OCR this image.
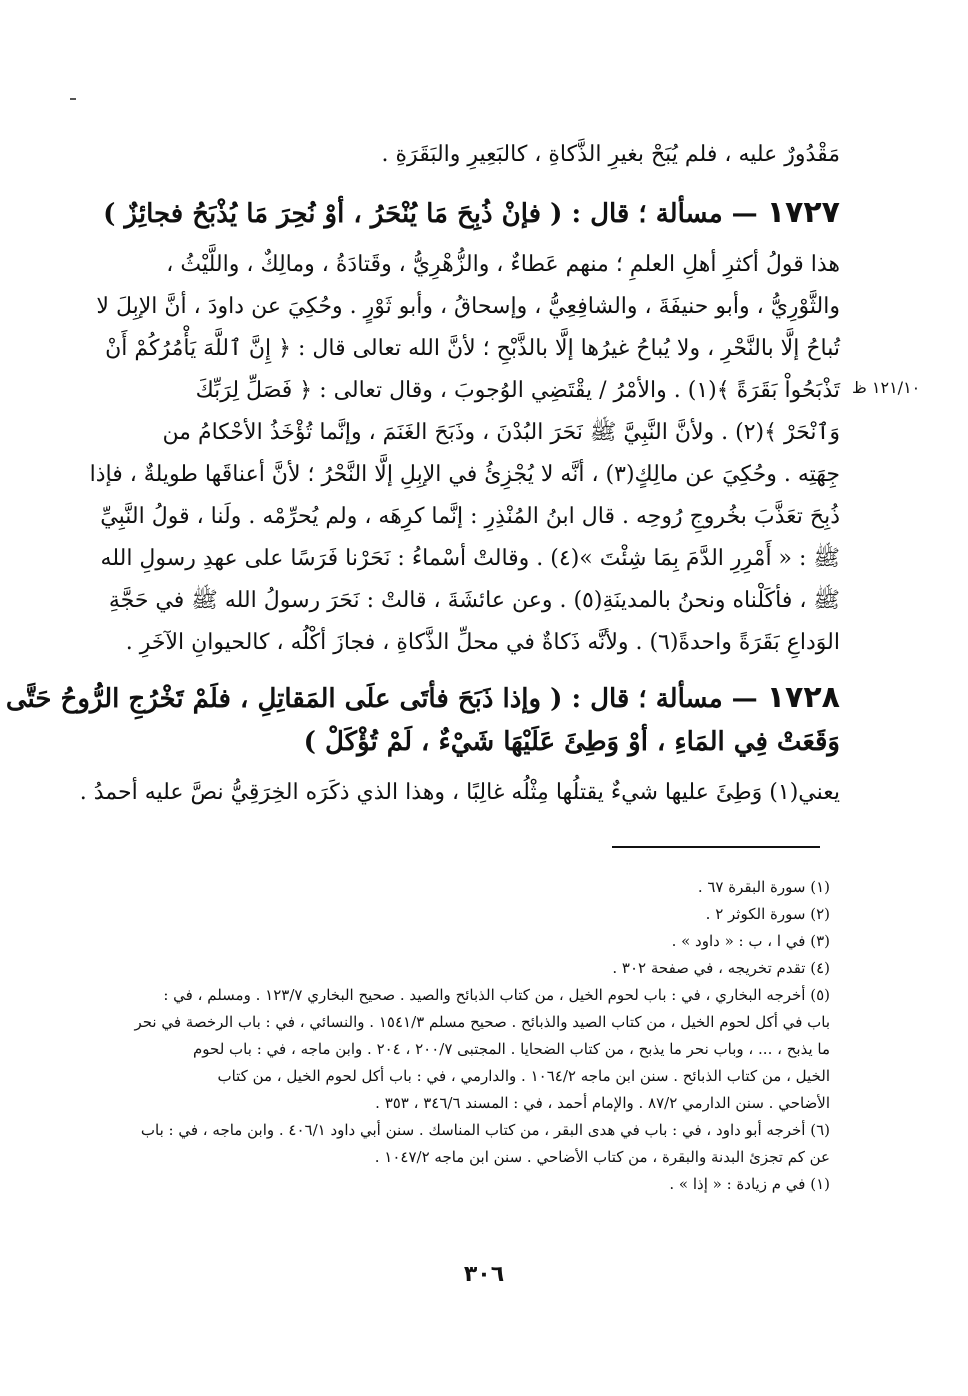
مَقْدُورٌ عليه ، فلم يُبَحْ بغيرِ الذَّكاةِ ، كالبَعِيرِ والبَقَرَةِ .
١٧٢٧ — مسألة ؛ قال : ( فإنْ ذُبِحَ مَا يُنْحَرُ ، أوْ نُحِرَ مَا يُذْبَحُ فجائِزٌ )
هذا قولُ أكثرِ أهلِ العلمِ ؛ منهم عَطاءٌ ، والزُّهْرِيُّ ، وقَتادَةُ ، ومالِكٌ ، واللَّيْثُ ،
والثَّوْرِيُّ ، وأبو حنيفَةَ ، والشافِعِيُّ ، وإسحاقُ ، وأبو ثَوْرٍ . وحُكِيَ عن داودَ ، أنَّ الإبِلَ لا
تُباحُ إلَّا بالنَّحْرِ ، ولا يُباحُ غيرُها إلَّا بالذَّبْحِ ؛ لأنَّ الله تعالى قال : ﴿ إِنَّ ٱللَّهَ يَأْمُرُكُمْ أَنْ
تَذْبَحُواْ بَقَرَةً ﴾(١) . والأمْرُ / يقْتَضِي الوُجوبَ ، وقال تعالى : ﴿ فَصَلِّ لِرَبِّكَ
وَٱنْحَرْ ﴾(٢) . ولأنَّ النَّبِيَّ ﷺ نَحَرَ البُدْنَ ، وذَبَحَ الغَنَمَ ، وإنَّما تُؤْخَذُ الأحْكامُ من
جِهَتِه . وحُكِيَ عن مالِكٍ(٣) ، أنَّه لا يُجْزِئُ في الإبِلِ إلَّا النَّحْرُ ؛ لأنَّ أعناقَها طويلةٌ ، فإذا
ذُبِحَ تعَذَّبَ بخُروجِ رُوحِه . قال ابنُ المُنْذِرِ : إنَّما كرِهَه ، ولم يُحرِّمْه . ولَنا ، قولُ النَّبِيِّ
ﷺ : « أَمْرِرِ الدَّمَ بِمَا شِئْتَ »(٤) . وقالتْ أسْماءُ : نَحَرْنا فَرَسًا على عهدِ رسولِ الله
ﷺ ، فأكَلْناه ونحنُ بالمدينَةِ(٥) . وعن عائشَةَ ، قالتْ : نَحَرَ رسولُ الله ﷺ في حَجَّةِ
الوَداعِ بَقَرَةً واحدةً(٦) . ولأنَّه ذَكاةٌ في محلِّ الذَّكاةِ ، فجازَ أكْلُه ، كالحيوانِ الآخَرِ .
١٢١/١٠ ظ
١٧٢٨ — مسألة ؛ قال : ( وإذا ذَبَحَ فأتَى علَى المَقاتِلِ ، فلَمْ تَخْرُجِ الرُّوحُ حَتَّى
وَقَعَتْ فِي المَاءِ ، أوْ وَطِئَ عَلَيْهَا شَيْءٌ ، لَمْ تُؤْكَلْ )
يعني(١) وَطِئَ عليها شيءٌ يقتلُها مِثْلُه غالِبًا ، وهذا الذي ذكَرَه الخِرَقِيُّ نصَّ عليه أحمدُ .
(١) سورة البقرة ٦٧ .
(٢) سورة الكوثر ٢ .
(٣) في ا ، ب : « داود » .
(٤) تقدم تخريجه ، في صفحة ٣٠٢ .
(٥) أخرجه البخاري ، في : باب لحوم الخيل ، من كتاب الذبائح والصيد . صحيح البخاري ١٢٣/٧ . ومسلم ، في :
باب في أكل لحوم الخيل ، من كتاب الصيد والذبائح . صحيح مسلم ١٥٤١/٣ . والنسائي ، في : باب الرخصة في نحر
ما يذبح ، ... ، وباب نحر ما يذبح ، من كتاب الضحايا . المجتبى ٢٠٠/٧ ، ٢٠٤ . وابن ماجه ، في : باب لحوم
الخيل ، من كتاب الذبائح . سنن ابن ماجه ١٠٦٤/٢ . والدارمي ، في : باب أكل لحوم الخيل ، من كتاب
الأضاحي . سنن الدارمي ٨٧/٢ . والإمام أحمد ، في : المسند ٣٤٦/٦ ، ٣٥٣ .
(٦) أخرجه أبو داود ، في : باب في هدى البقر ، من كتاب المناسك . سنن أبي داود ٤٠٦/١ . وابن ماجه ، في : باب
عن كم تجزئ البدنة والبقرة ، من كتاب الأضاحي . سنن ابن ماجه ١٠٤٧/٢ .
(١) في م زيادة : « إذا » .
٣٠٦
